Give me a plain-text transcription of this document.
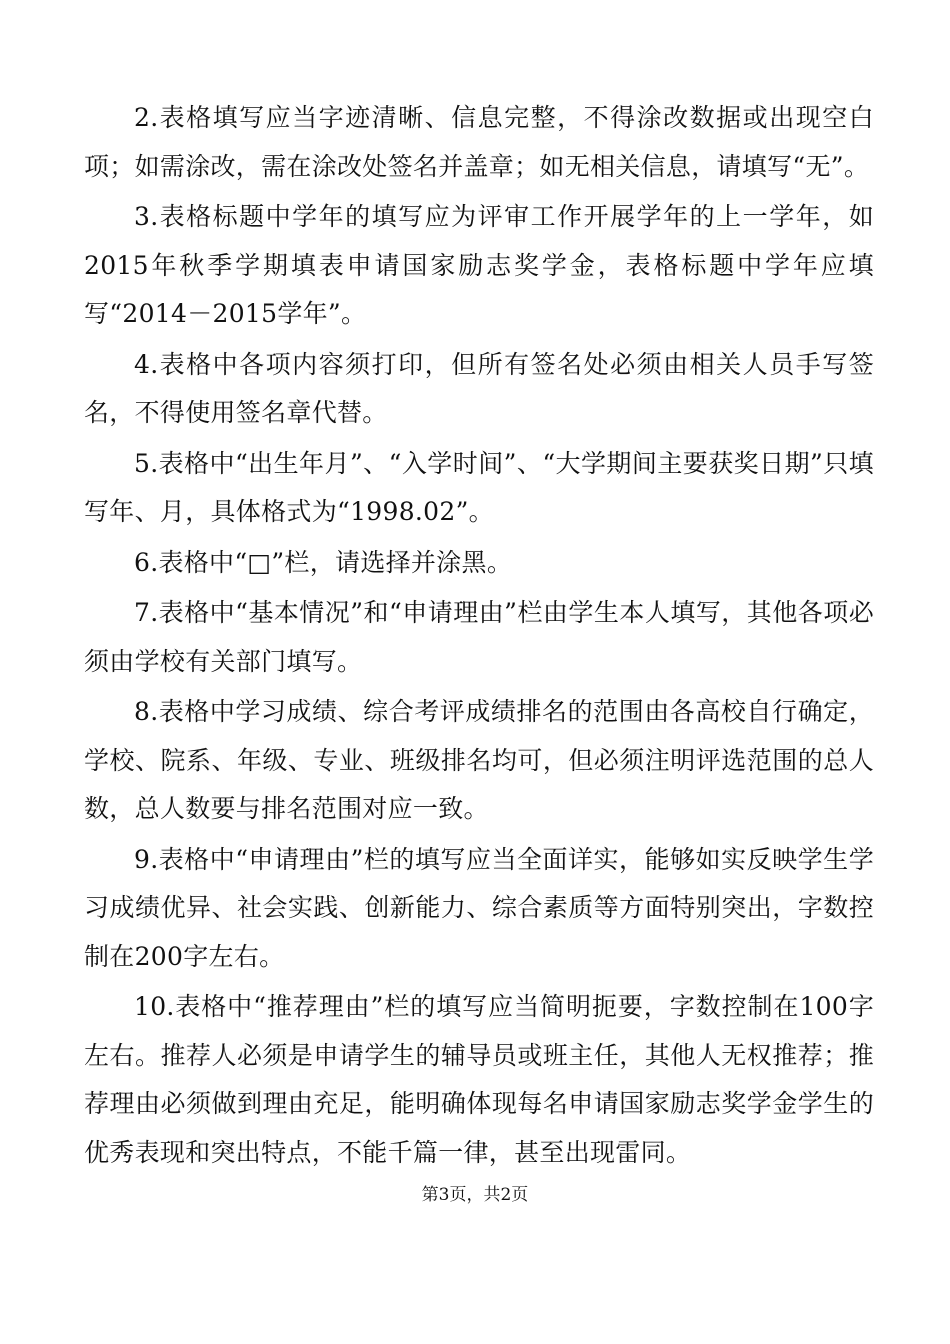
2.表格填写应当字迹清晰、信息完整，不得涂改数据或出现空白项；如需涂改，需在涂改处签名并盖章；如无相关信息，请填写“无”。

3.表格标题中学年的填写应为评审工作开展学年的上一学年，如2015年秋季学期填表申请国家励志奖学金，表格标题中学年应填写“2014－2015学年”。

4.表格中各项内容须打印，但所有签名处必须由相关人员手写签名，不得使用签名章代替。

5.表格中“出生年月”、“入学时间”、“大学期间主要获奖日期”只填写年、月，具体格式为“1998.02”。

6.表格中“□”栏，请选择并涂黑。

7.表格中“基本情况”和“申请理由”栏由学生本人填写，其他各项必须由学校有关部门填写。

8.表格中学习成绩、综合考评成绩排名的范围由各高校自行确定，学校、院系、年级、专业、班级排名均可，但必须注明评选范围的总人数，总人数要与排名范围对应一致。

9.表格中“申请理由”栏的填写应当全面详实，能够如实反映学生学习成绩优异、社会实践、创新能力、综合素质等方面特别突出，字数控制在200字左右。

10.表格中“推荐理由”栏的填写应当简明扼要，字数控制在100字左右。推荐人必须是申请学生的辅导员或班主任，其他人无权推荐；推荐理由必须做到理由充足，能明确体现每名申请国家励志奖学金学生的优秀表现和突出特点，不能千篇一律，甚至出现雷同。

第3页，共2页
